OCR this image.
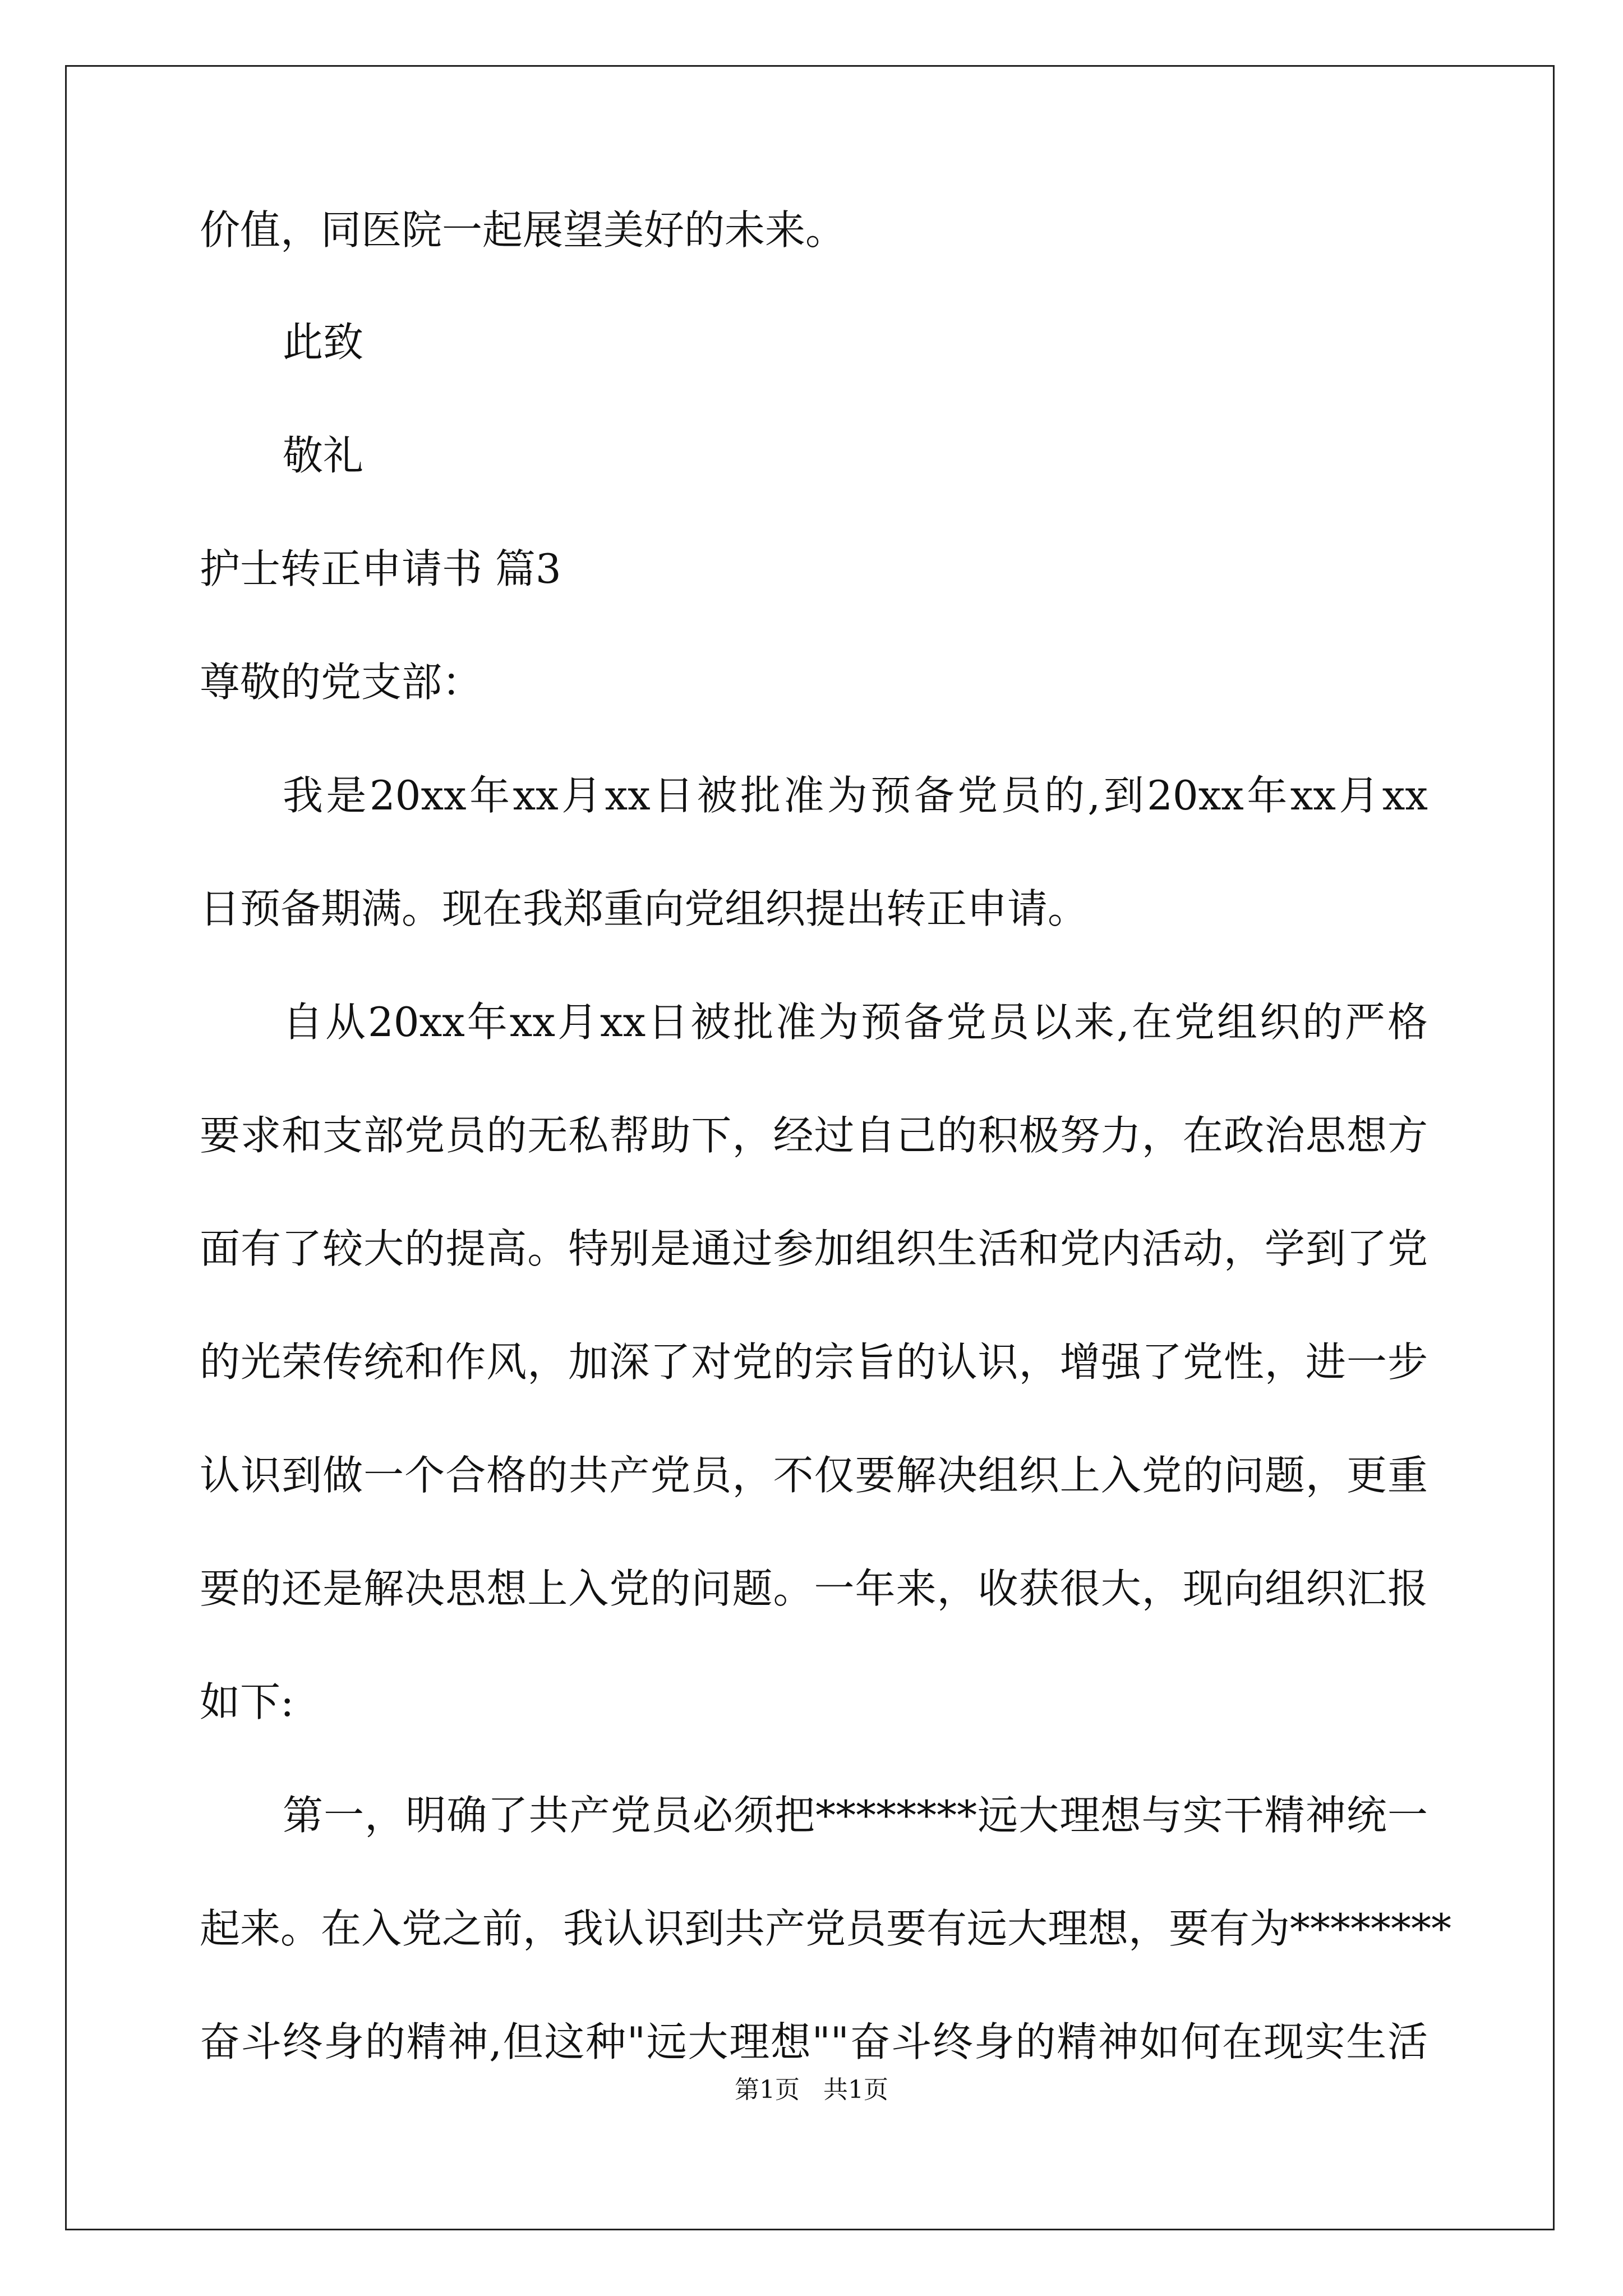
价值，同医院一起展望美好的未来。
此致
敬礼
护士转正申请书 篇3
尊敬的党支部：
我是20xx年xx月xx日被批准为预备党员的,到20xx年xx月xx
日预备期满。现在我郑重向党组织提出转正申请。
自从20xx年xx月xx日被批准为预备党员以来,在党组织的严格
要求和支部党员的无私帮助下，经过自己的积极努力，在政治思想方
面有了较大的提高。特别是通过参加组织生活和党内活动，学到了党
的光荣传统和作风，加深了对党的宗旨的认识，增强了党性，进一步
认识到做一个合格的共产党员，不仅要解决组织上入党的问题，更重
要的还是解决思想上入党的问题。一年来，收获很大，现向组织汇报
如下:
第一，明确了共产党员必须把********远大理想与实干精神统一
起来。在入党之前，我认识到共产党员要有远大理想，要有为********
奋斗终身的精神,但这种"远大理想""奋斗终身的精神如何在现实生活
第1页   共1页
